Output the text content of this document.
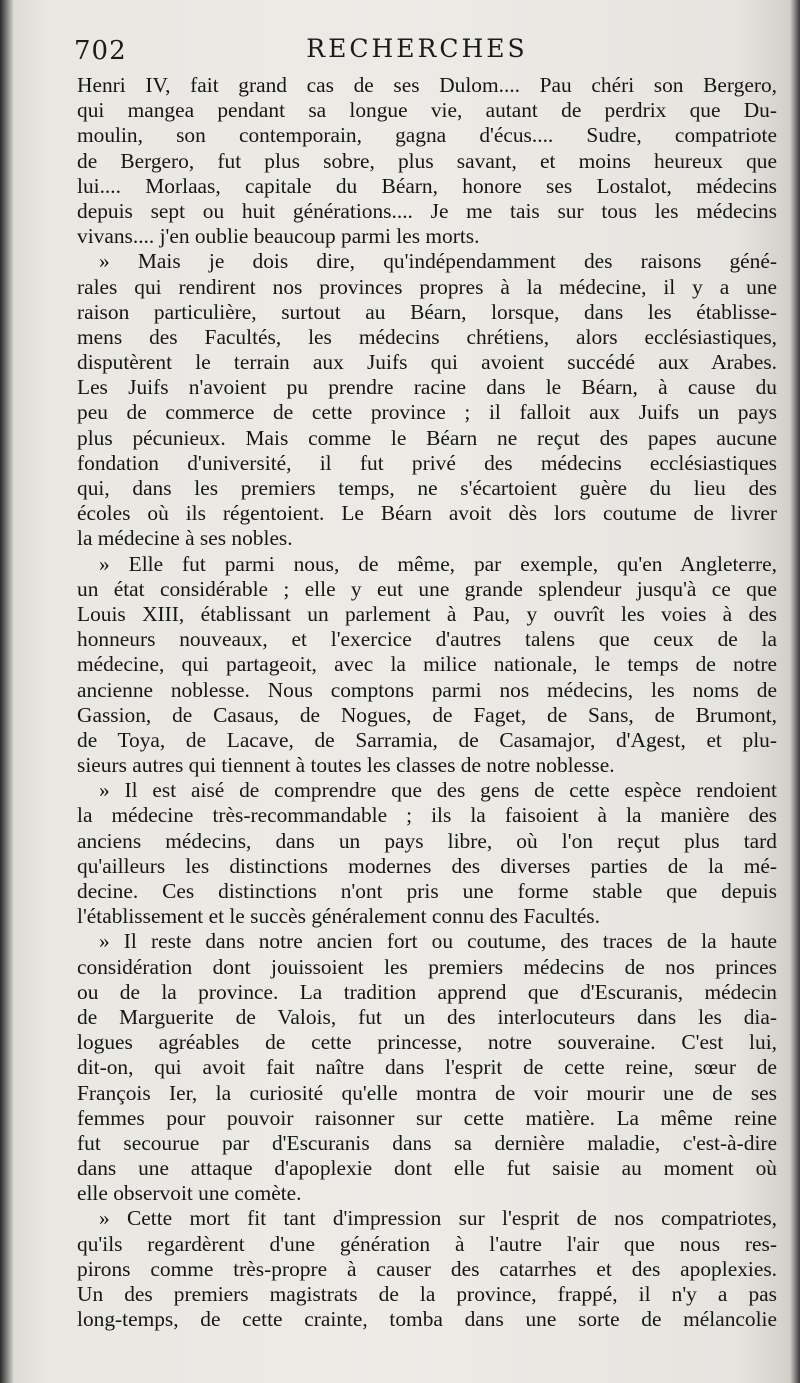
702	RECHERCHES
Henri IV, fait grand cas de ses Dulom.... Pau chéri son Bergero,
qui mangea pendant sa longue vie, autant de perdrix que Du-
moulin, son contemporain, gagna d'écus.... Sudre, compatriote
de Bergero, fut plus sobre, plus savant, et moins heureux que
lui.... Morlaas, capitale du Béarn, honore ses Lostalot, médecins
depuis sept ou huit générations.... Je me tais sur tous les médecins
vivans.... j'en oublie beaucoup parmi les morts.
» Mais je dois dire, qu'indépendamment des raisons géné-
rales qui rendirent nos provinces propres à la médecine, il y a une
raison particulière, surtout au Béarn, lorsque, dans les établisse-
mens des Facultés, les médecins chrétiens, alors ecclésiastiques,
disputèrent le terrain aux Juifs qui avoient succédé aux Arabes.
Les Juifs n'avoient pu prendre racine dans le Béarn, à cause du
peu de commerce de cette province ; il falloit aux Juifs un pays
plus pécunieux. Mais comme le Béarn ne reçut des papes aucune
fondation d'université, il fut privé des médecins ecclésiastiques
qui, dans les premiers temps, ne s'écartoient guère du lieu des
écoles où ils régentoient. Le Béarn avoit dès lors coutume de livrer
la médecine à ses nobles.
» Elle fut parmi nous, de même, par exemple, qu'en Angleterre,
un état considérable ; elle y eut une grande splendeur jusqu'à ce que
Louis XIII, établissant un parlement à Pau, y ouvrît les voies à des
honneurs nouveaux, et l'exercice d'autres talens que ceux de la
médecine, qui partageoit, avec la milice nationale, le temps de notre
ancienne noblesse. Nous comptons parmi nos médecins, les noms de
Gassion, de Casaus, de Nogues, de Faget, de Sans, de Brumont,
de Toya, de Lacave, de Sarramia, de Casamajor, d'Agest, et plu-
sieurs autres qui tiennent à toutes les classes de notre noblesse.
» Il est aisé de comprendre que des gens de cette espèce rendoient
la médecine très-recommandable ; ils la faisoient à la manière des
anciens médecins, dans un pays libre, où l'on reçut plus tard
qu'ailleurs les distinctions modernes des diverses parties de la mé-
decine. Ces distinctions n'ont pris une forme stable que depuis
l'établissement et le succès généralement connu des Facultés.
» Il reste dans notre ancien fort ou coutume, des traces de la haute
considération dont jouissoient les premiers médecins de nos princes
ou de la province. La tradition apprend que d'Escuranis, médecin
de Marguerite de Valois, fut un des interlocuteurs dans les dia-
logues agréables de cette princesse, notre souveraine. C'est lui,
dit-on, qui avoit fait naître dans l'esprit de cette reine, sœur de
François Ier, la curiosité qu'elle montra de voir mourir une de ses
femmes pour pouvoir raisonner sur cette matière. La même reine
fut secourue par d'Escuranis dans sa dernière maladie, c'est-à-dire
dans une attaque d'apoplexie dont elle fut saisie au moment où
elle observoit une comète.
» Cette mort fit tant d'impression sur l'esprit de nos compatriotes,
qu'ils regardèrent d'une génération à l'autre l'air que nous res-
pirons comme très-propre à causer des catarrhes et des apoplexies.
Un des premiers magistrats de la province, frappé, il n'y a pas
long-temps, de cette crainte, tomba dans une sorte de mélancolie
